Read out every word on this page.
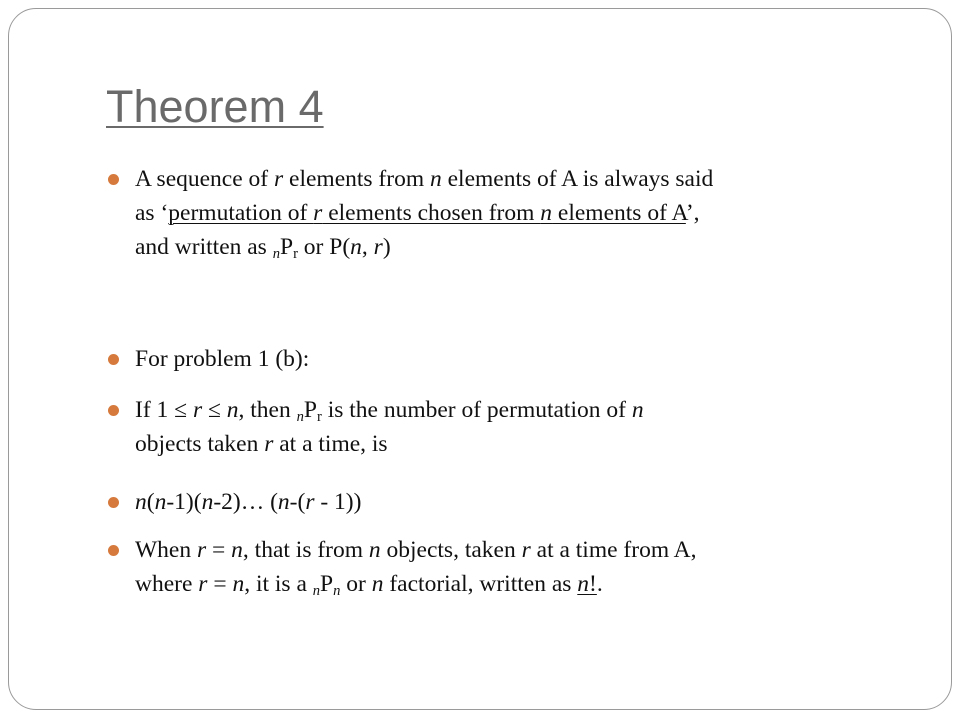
Theorem 4
A sequence of r elements from n elements of A is always said
as ‘permutation of r elements chosen from n elements of A’,
and written as $_nP_r$ or P(n, r)
For problem 1 (b):
If 1 ≤ r ≤ n, then $_nP_r$ is the number of permutation of n
objects taken r at a time, is
n(n-1)(n-2)… (n-(r - 1))
When r = n, that is from n objects, taken r at a time from A,
where r = n, it is a $_nP_n$ or n factorial, written as n!.
